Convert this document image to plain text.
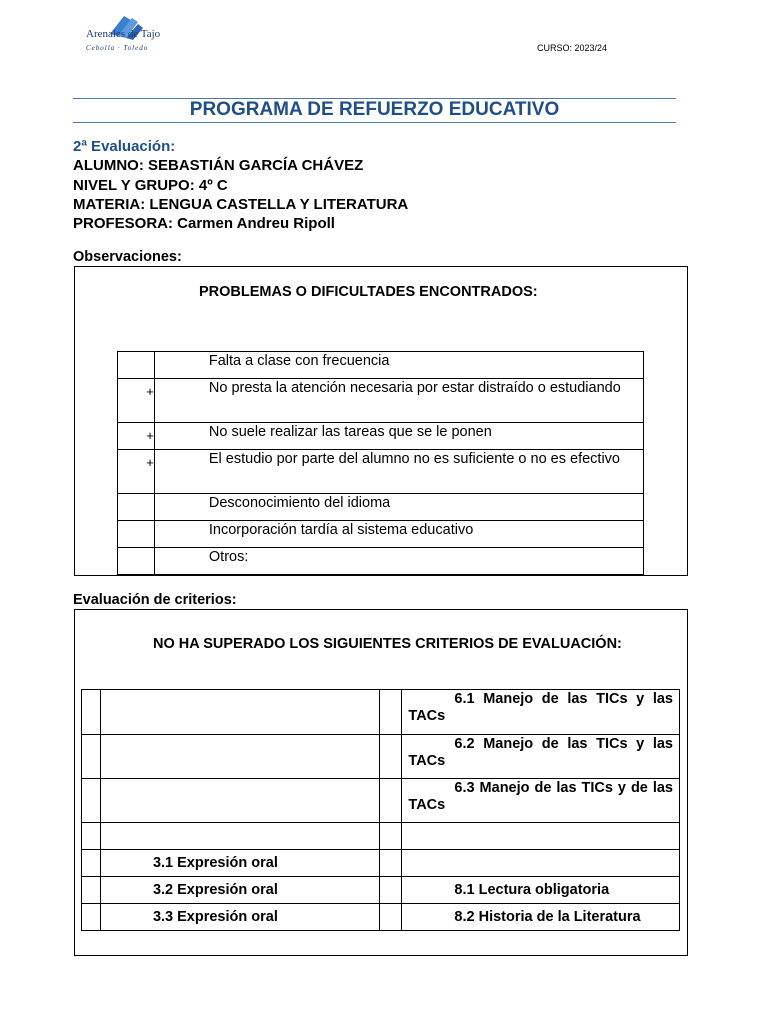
Arenales de Tajo
Cebolla · Toledo	CURSO: 2023/24
PROGRAMA DE REFUERZO EDUCATIVO
2ª Evaluación:
ALUMNO: SEBASTIÁN GARCÍA CHÁVEZ
NIVEL Y GRUPO: 4º C
MATERIA: LENGUA CASTELLA Y LITERATURA
PROFESORA: Carmen Andreu Ripoll
Observaciones:
PROBLEMAS O DIFICULTADES ENCONTRADOS:

	Falta a clase con frecuencia

+	No presta la atención necesaria por estar distraído o estudiando

+	No suele realizar las tareas que se le ponen

+	El estudio por parte del alumno no es suficiente o no es efectivo

	Desconocimiento del idioma

	Incorporación tardía al sistema educativo

	Otros:
Evaluación de criterios:
NO HA SUPERADO LOS SIGUIENTES CRITERIOS DE EVALUACIÓN:

			6.1 Manejo de las TICs y las TACs

			6.2 Manejo de las TICs y las TACs

			6.3 Manejo de las TICs y de las TACs

	3.1 Expresión oral		

	3.2 Expresión oral		8.1 Lectura obligatoria

	3.3 Expresión oral		8.2 Historia de la Literatura
